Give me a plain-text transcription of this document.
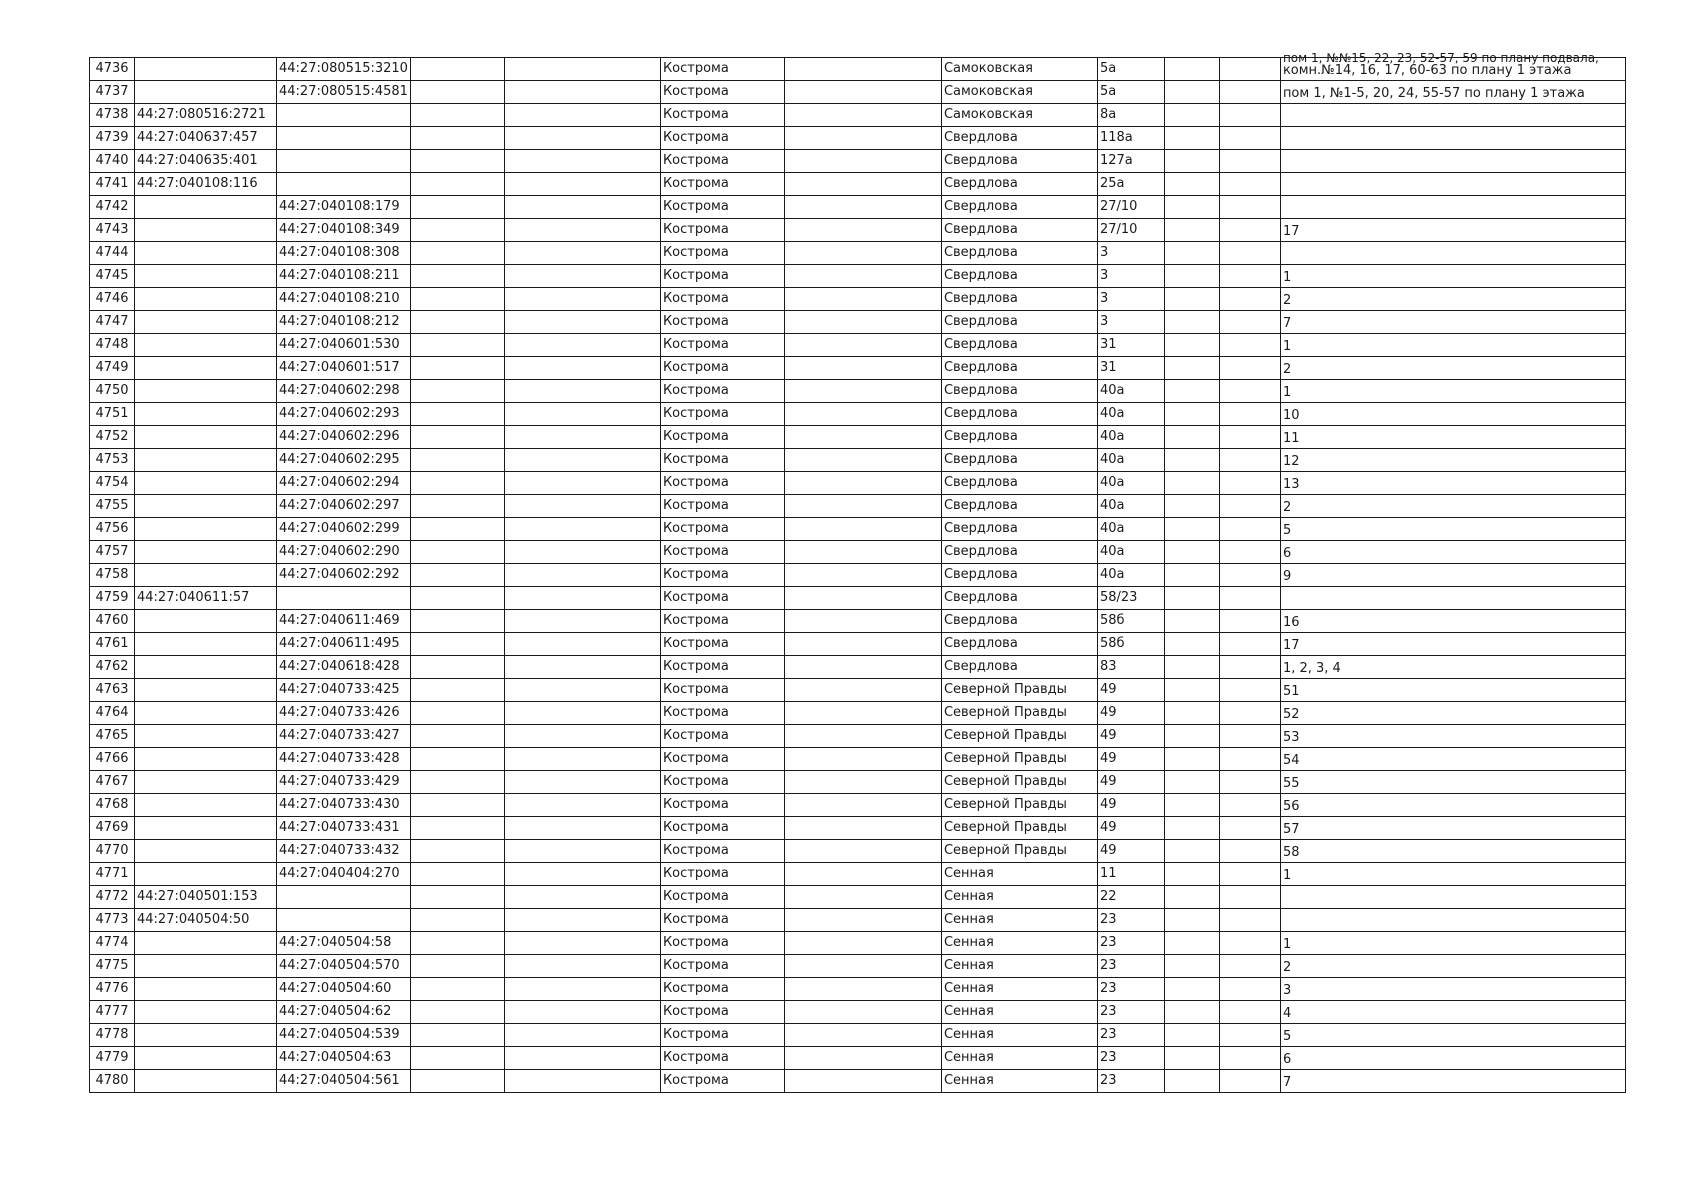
4736		44:27:080515:3210			Кострома		Самоковская	5а			пом 1, №№15, 22, 23, 52-57, 59 по плану подвала,
комн.№14, 16, 17, 60-63 по плану 1 этажа
4737		44:27:080515:4581			Кострома		Самоковская	5а			пом 1, №1-5, 20, 24, 55-57 по плану 1 этажа
4738	44:27:080516:2721				Кострома		Самоковская	8а			
4739	44:27:040637:457				Кострома		Свердлова	118а			
4740	44:27:040635:401				Кострома		Свердлова	127а			
4741	44:27:040108:116				Кострома		Свердлова	25а			
4742		44:27:040108:179			Кострома		Свердлова	27/10			
4743		44:27:040108:349			Кострома		Свердлова	27/10			17
4744		44:27:040108:308			Кострома		Свердлова	3			
4745		44:27:040108:211			Кострома		Свердлова	3			1
4746		44:27:040108:210			Кострома		Свердлова	3			2
4747		44:27:040108:212			Кострома		Свердлова	3			7
4748		44:27:040601:530			Кострома		Свердлова	31			1
4749		44:27:040601:517			Кострома		Свердлова	31			2
4750		44:27:040602:298			Кострома		Свердлова	40а			1
4751		44:27:040602:293			Кострома		Свердлова	40а			10
4752		44:27:040602:296			Кострома		Свердлова	40а			11
4753		44:27:040602:295			Кострома		Свердлова	40а			12
4754		44:27:040602:294			Кострома		Свердлова	40а			13
4755		44:27:040602:297			Кострома		Свердлова	40а			2
4756		44:27:040602:299			Кострома		Свердлова	40а			5
4757		44:27:040602:290			Кострома		Свердлова	40а			6
4758		44:27:040602:292			Кострома		Свердлова	40а			9
4759	44:27:040611:57				Кострома		Свердлова	58/23			
4760		44:27:040611:469			Кострома		Свердлова	58б			16
4761		44:27:040611:495			Кострома		Свердлова	58б			17
4762		44:27:040618:428			Кострома		Свердлова	83			1, 2, 3, 4
4763		44:27:040733:425			Кострома		Северной Правды	49			51
4764		44:27:040733:426			Кострома		Северной Правды	49			52
4765		44:27:040733:427			Кострома		Северной Правды	49			53
4766		44:27:040733:428			Кострома		Северной Правды	49			54
4767		44:27:040733:429			Кострома		Северной Правды	49			55
4768		44:27:040733:430			Кострома		Северной Правды	49			56
4769		44:27:040733:431			Кострома		Северной Правды	49			57
4770		44:27:040733:432			Кострома		Северной Правды	49			58
4771		44:27:040404:270			Кострома		Сенная	11			1
4772	44:27:040501:153				Кострома		Сенная	22			
4773	44:27:040504:50				Кострома		Сенная	23			
4774		44:27:040504:58			Кострома		Сенная	23			1
4775		44:27:040504:570			Кострома		Сенная	23			2
4776		44:27:040504:60			Кострома		Сенная	23			3
4777		44:27:040504:62			Кострома		Сенная	23			4
4778		44:27:040504:539			Кострома		Сенная	23			5
4779		44:27:040504:63			Кострома		Сенная	23			6
4780		44:27:040504:561			Кострома		Сенная	23			7
